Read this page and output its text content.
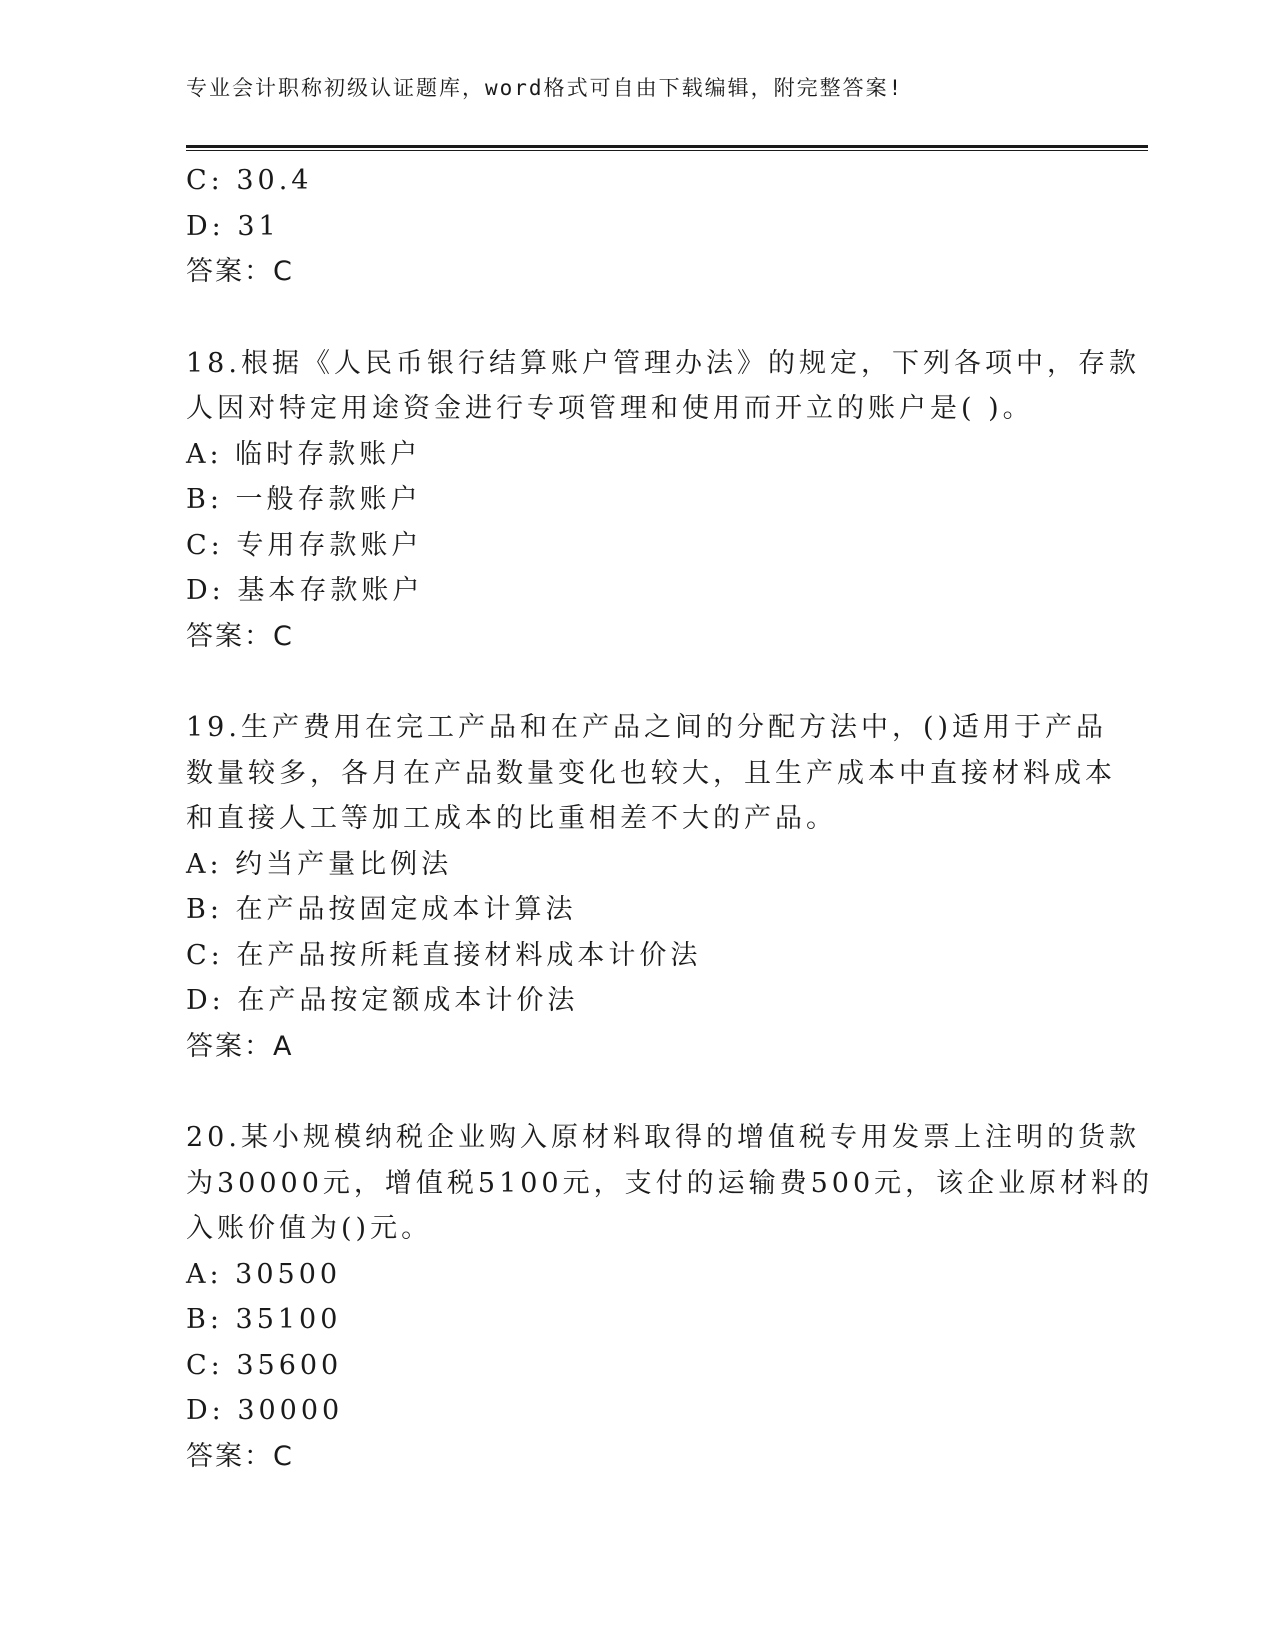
专业会计职称初级认证题库，word格式可自由下载编辑，附完整答案!
C: 30.4
D: 31
答案：C
18.根据《人民币银行结算账户管理办法》的规定，下列各项中，存款
人因对特定用途资金进行专项管理和使用而开立的账户是( )。
A: 临时存款账户
B: 一般存款账户
C: 专用存款账户
D: 基本存款账户
答案：C
19.生产费用在完工产品和在产品之间的分配方法中，()适用于产品
数量较多，各月在产品数量变化也较大，且生产成本中直接材料成本
和直接人工等加工成本的比重相差不大的产品。
A: 约当产量比例法
B: 在产品按固定成本计算法
C: 在产品按所耗直接材料成本计价法
D: 在产品按定额成本计价法
答案：A
20.某小规模纳税企业购入原材料取得的增值税专用发票上注明的货款
为30000元，增值税5100元，支付的运输费500元，该企业原材料的
入账价值为()元。
A: 30500
B: 35100
C: 35600
D: 30000
答案：C
